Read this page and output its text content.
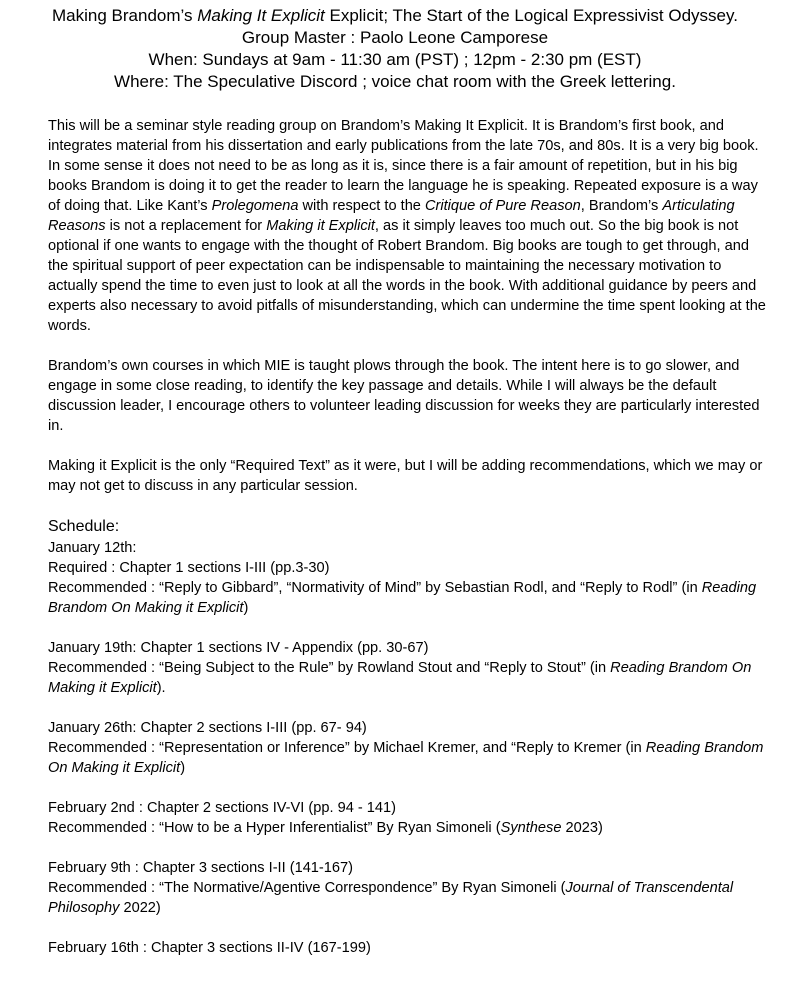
Making Brandom’s Making It Explicit Explicit; The Start of the Logical Expressivist Odyssey.
Group Master : Paolo Leone Camporese
When: Sundays at 9am - 11:30 am (PST) ; 12pm - 2:30 pm (EST)
Where: The Speculative Discord ; voice chat room with the Greek lettering.

This will be a seminar style reading group on Brandom’s Making It Explicit. It is Brandom’s first book, and integrates material from his dissertation and early publications from the late 70s, and 80s. It is a very big book. In some sense it does not need to be as long as it is, since there is a fair amount of repetition, but in his big books Brandom is doing it to get the reader to learn the language he is speaking. Repeated exposure is a way of doing that. Like Kant’s Prolegomena with respect to the Critique of Pure Reason, Brandom’s Articulating Reasons is not a replacement for Making it Explicit, as it simply leaves too much out. So the big book is not optional if one wants to engage with the thought of Robert Brandom. Big books are tough to get through, and the spiritual support of peer expectation can be indispensable to maintaining the necessary motivation to actually spend the time to even just to look at all the words in the book. With additional guidance by peers and experts also necessary to avoid pitfalls of misunderstanding, which can undermine the time spent looking at the words.

Brandom’s own courses in which MIE is taught plows through the book. The intent here is to go slower, and engage in some close reading, to identify the key passage and details. While I will always be the default discussion leader, I encourage others to volunteer leading discussion for weeks they are particularly interested in.

Making it Explicit is the only “Required Text” as it were, but I will be adding recommendations, which we may or may not get to discuss in any particular session.

Schedule:
January 12th:
Required : Chapter 1 sections I-III (pp.3-30)
Recommended : “Reply to Gibbard”, “Normativity of Mind” by Sebastian Rodl, and “Reply to Rodl” (in Reading Brandom On Making it Explicit)
January 19th: Chapter 1 sections IV - Appendix (pp. 30-67)
Recommended : “Being Subject to the Rule” by Rowland Stout and “Reply to Stout” (in Reading Brandom On Making it Explicit).
January 26th: Chapter 2 sections I-III (pp. 67- 94)
Recommended : “Representation or Inference” by Michael Kremer, and “Reply to Kremer (in Reading Brandom On Making it Explicit)
February 2nd : Chapter 2 sections IV-VI (pp. 94 - 141)
Recommended : “How to be a Hyper Inferentialist” By Ryan Simoneli (Synthese 2023)
February 9th : Chapter 3 sections I-II (141-167)
Recommended : “The Normative/Agentive Correspondence” By Ryan Simoneli (Journal of Transcendental Philosophy 2022)
February 16th : Chapter 3 sections II-IV (167-199)
